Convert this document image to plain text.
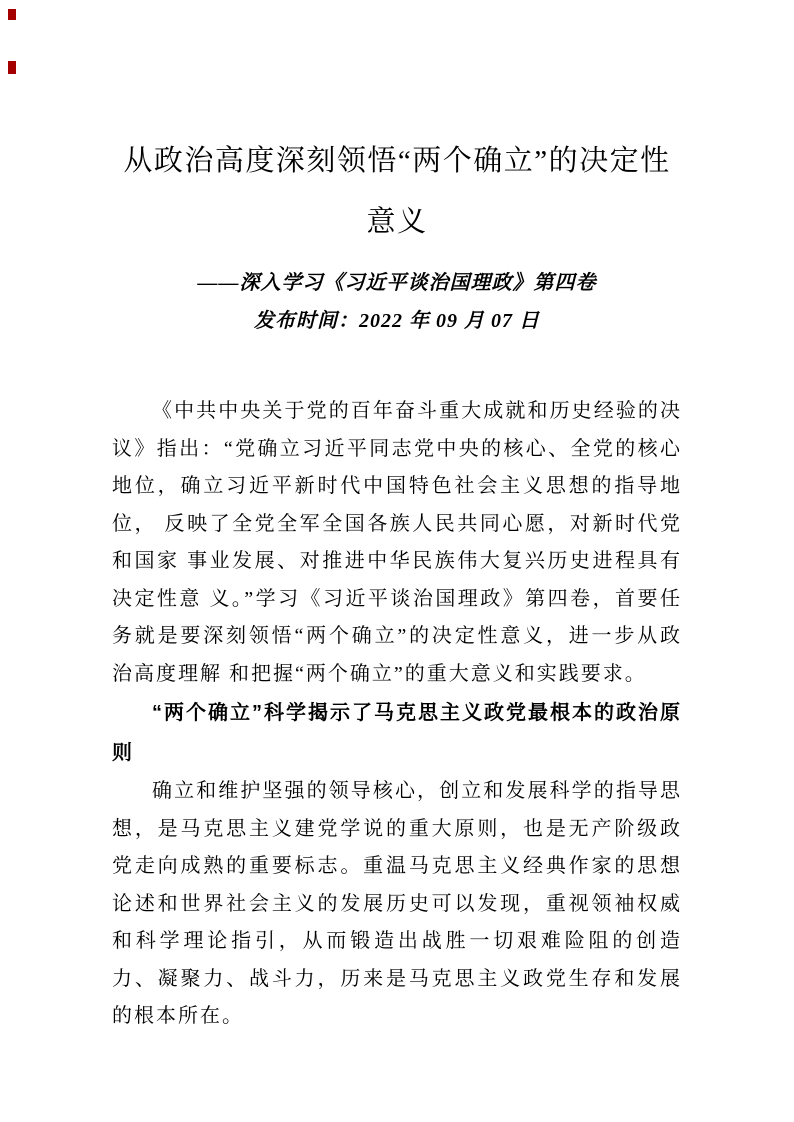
从政治高度深刻领悟“两个确立”的决定性意义
——深入学习《习近平谈治国理政》第四卷
发布时间：2022 年 09 月 07 日

《中共中央关于党的百年奋斗重大成就和历史经验的决议》指出：“党确立习近平同志党中央的核心、全党的核心 地位，确立习近平新时代中国特色社会主义思想的指导地位， 反映了全党全军全国各族人民共同心愿，对新时代党和国家 事业发展、对推进中华民族伟大复兴历史进程具有决定性意 义。”学习《习近平谈治国理政》第四卷，首要任务就是要深刻领悟“两个确立”的决定性意义，进一步从政治高度理解 和把握“两个确立”的重大意义和实践要求。

“两个确立”科学揭示了马克思主义政党最根本的政治原则

确立和维护坚强的领导核心，创立和发展科学的指导思想，是马克思主义建党学说的重大原则，也是无产阶级政党走向成熟的重要标志。重温马克思主义经典作家的思想论述和世界社会主义的发展历史可以发现，重视领袖权威和科学理论指引，从而锻造出战胜一切艰难险阻的创造力、凝聚力、战斗力，历来是马克思主义政党生存和发展的根本所在。
